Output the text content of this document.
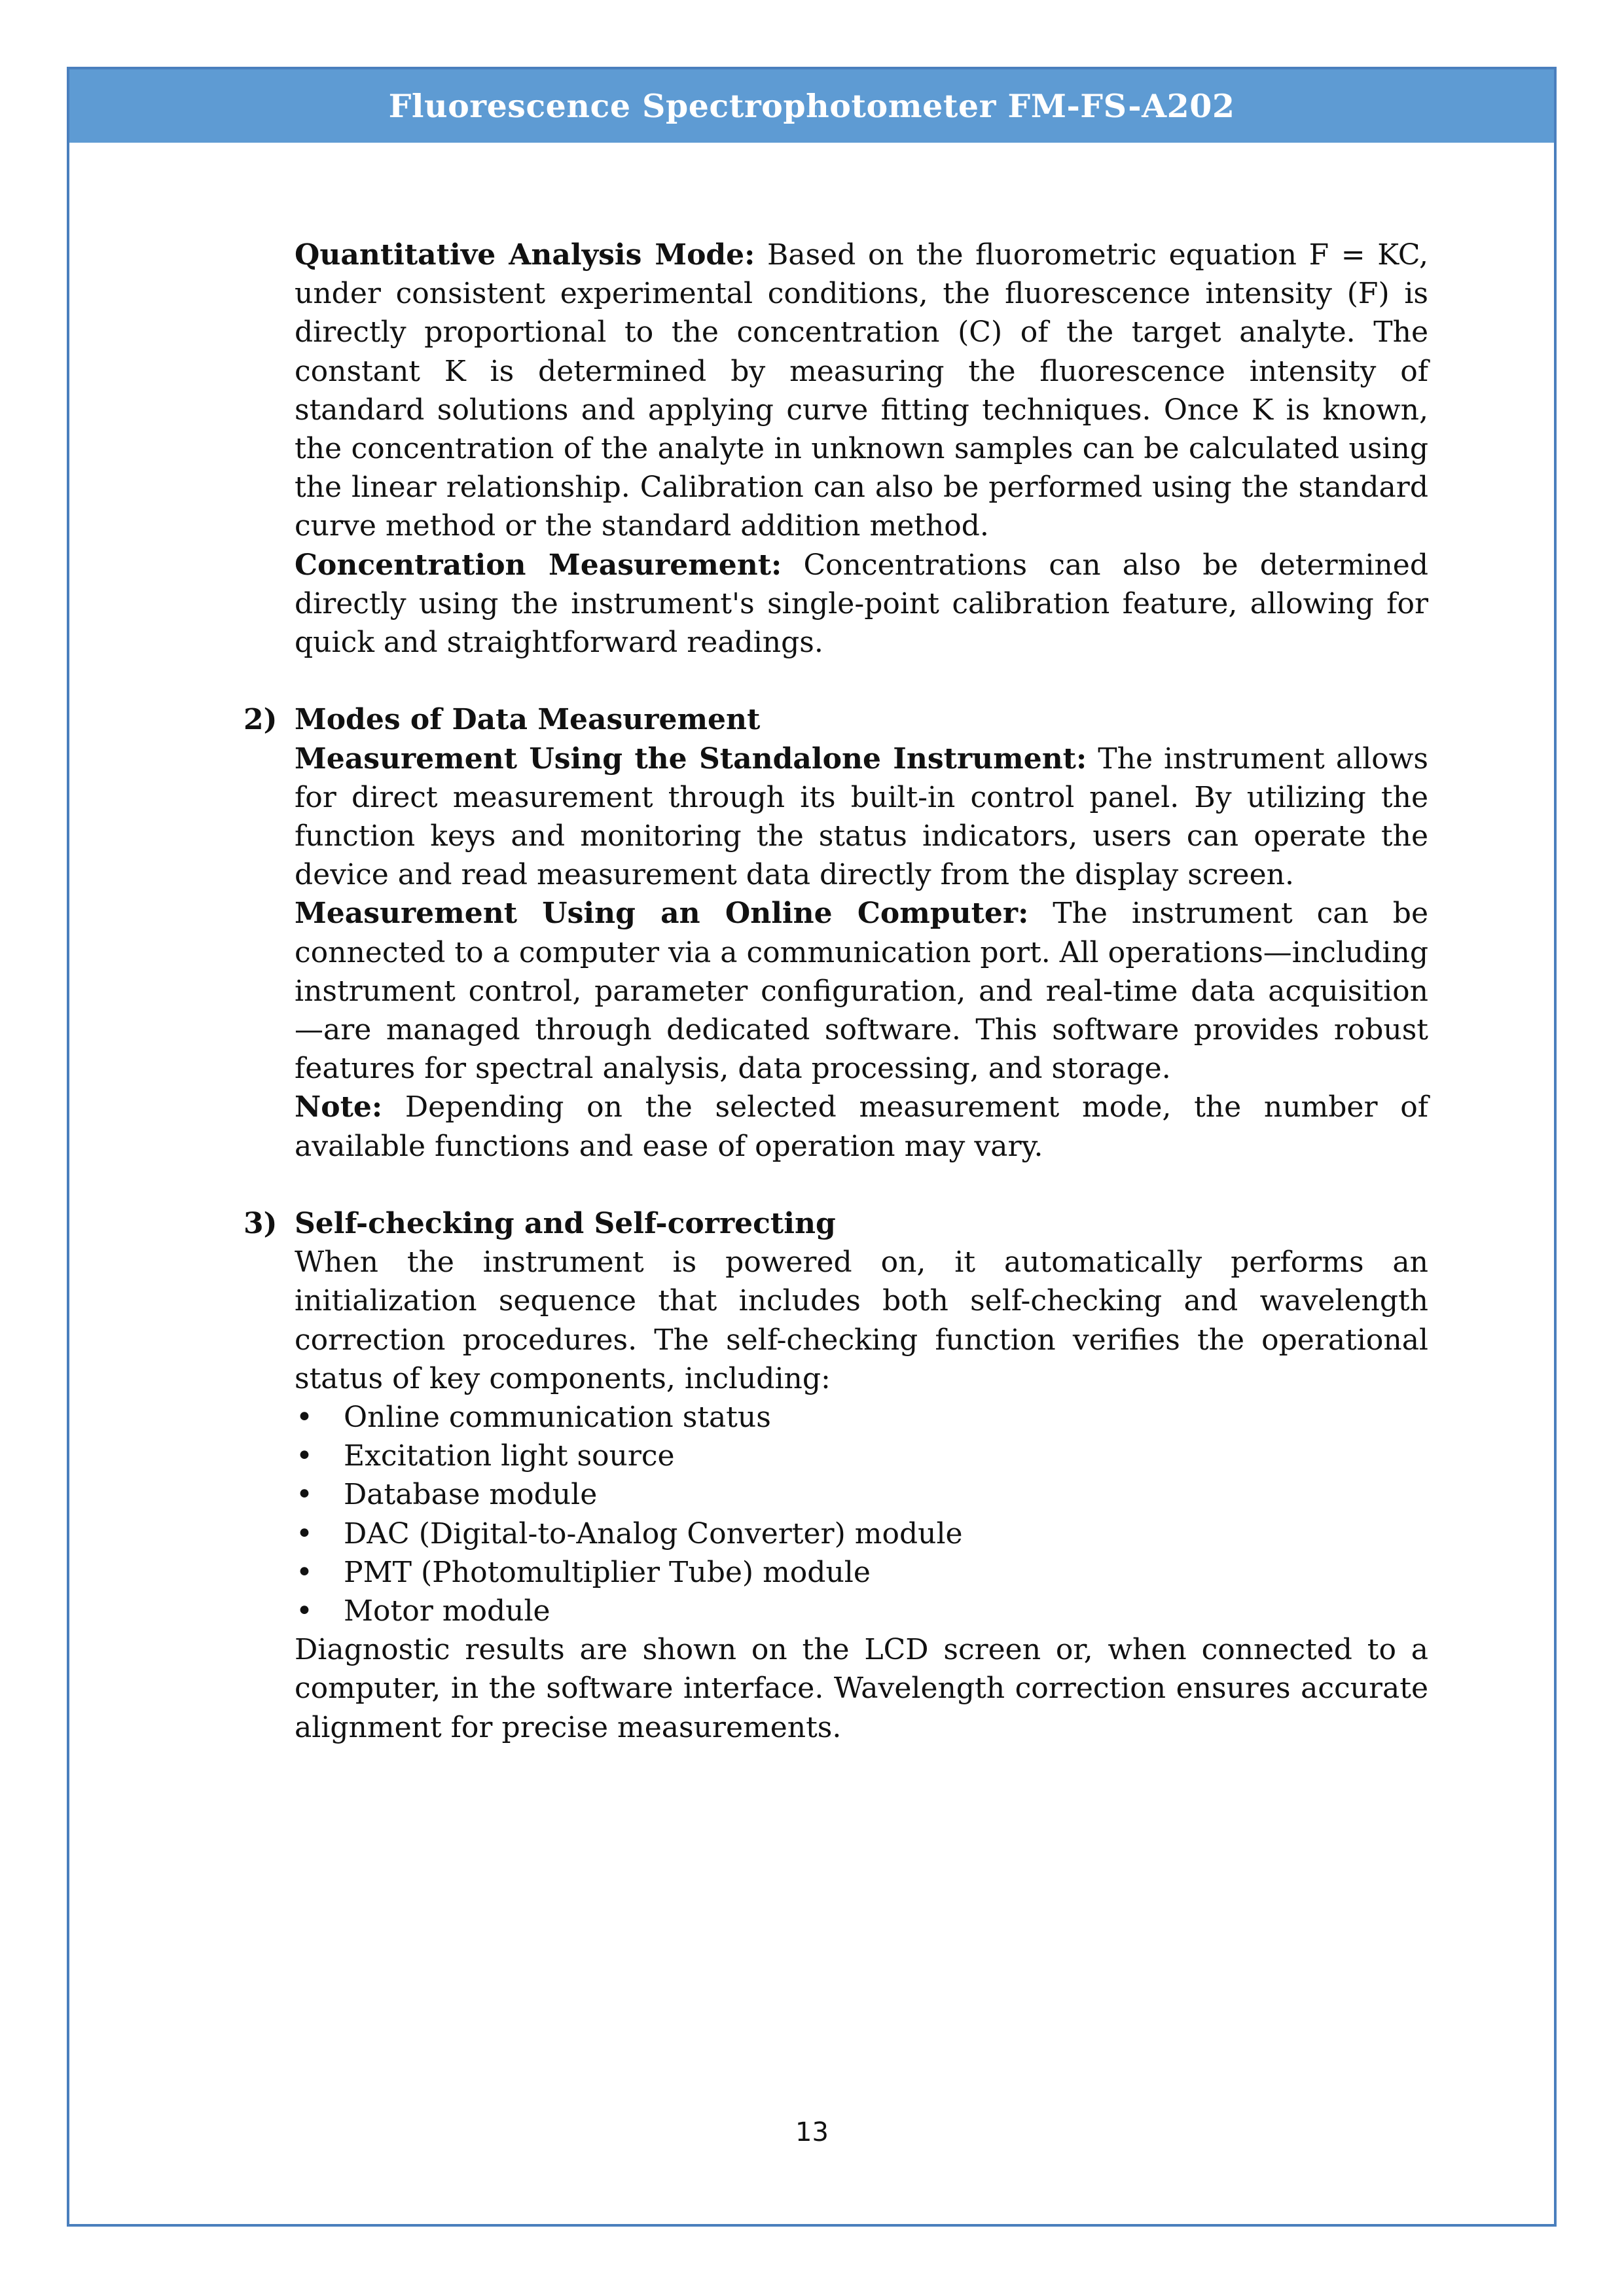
Fluorescence Spectrophotometer FM-FS-A202

Quantitative Analysis Mode: Based on the fluorometric equation F = KC, under consistent experimental conditions, the fluorescence intensity (F) is directly proportional to the concentration (C) of the target analyte. The constant K is determined by measuring the fluorescence intensity of standard solutions and applying curve fitting techniques. Once K is known, the concentration of the analyte in unknown samples can be calculated using the linear relationship. Calibration can also be performed using the standard curve method or the standard addition method.

Concentration Measurement: Concentrations can also be determined directly using the instrument's single-point calibration feature, allowing for quick and straightforward readings.

2) Modes of Data Measurement

Measurement Using the Standalone Instrument: The instrument allows for direct measurement through its built-in control panel. By utilizing the function keys and monitoring the status indicators, users can operate the device and read measurement data directly from the display screen.

Measurement Using an Online Computer: The instrument can be connected to a computer via a communication port. All operations—including instrument control, parameter configuration, and real-time data acquisition—are managed through dedicated software. This software provides robust features for spectral analysis, data processing, and storage.

Note: Depending on the selected measurement mode, the number of available functions and ease of operation may vary.

3) Self-checking and Self-correcting

When the instrument is powered on, it automatically performs an initialization sequence that includes both self-checking and wavelength correction procedures. The self-checking function verifies the operational status of key components, including:

• Online communication status
• Excitation light source
• Database module
• DAC (Digital-to-Analog Converter) module
• PMT (Photomultiplier Tube) module
• Motor module

Diagnostic results are shown on the LCD screen or, when connected to a computer, in the software interface. Wavelength correction ensures accurate alignment for precise measurements.

13
